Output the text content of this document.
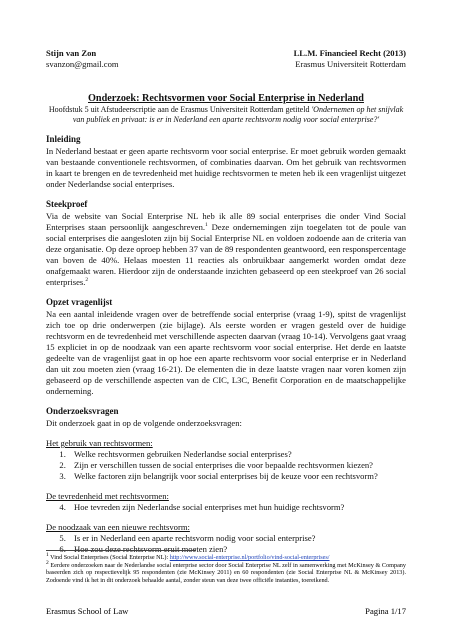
Stijn van Zon
svanzon@gmail.com
LL.M. Financieel Recht (2013)
Erasmus Universiteit Rotterdam
Onderzoek: Rechtsvormen voor Social Enterprise in Nederland
Hoofdstuk 5 uit Afstudeerscriptie aan de Erasmus Universiteit Rotterdam getiteld 'Ondernemen op het snijvlak van publiek en privaat: is er in Nederland een aparte rechtsvorm nodig voor social enterprise?'
Inleiding

In Nederland bestaat er geen aparte rechtsvorm voor social enterprise. Er moet gebruik worden gemaakt van bestaande conventionele rechtsvormen, of combinaties daarvan. Om het gebruik van rechtsvormen in kaart te brengen en de tevredenheid met huidige rechtsvormen te meten heb ik een vragenlijst uitgezet onder Nederlandse social enterprises.

Steekproef

Via de website van Social Enterprise NL heb ik alle 89 social enterprises die onder Vind Social Enterprises staan persoonlijk aangeschreven.$^1$ Deze ondernemingen zijn toegelaten tot de poule van social enterprises die aangesloten zijn bij Social Enterprise NL en voldoen zodoende aan de criteria van deze organisatie. Op deze oproep hebben 37 van de 89 respondenten geantwoord, een responspercentage van boven de 40%. Helaas moesten 11 reacties als onbruikbaar aangemerkt worden omdat deze onafgemaakt waren. Hierdoor zijn de onderstaande inzichten gebaseerd op een steekproef van 26 social enterprises.$^2$

Opzet vragenlijst

Na een aantal inleidende vragen over de betreffende social enterprise (vraag 1-9), spitst de vragenlijst zich toe op drie onderwerpen (zie bijlage). Als eerste worden er vragen gesteld over de huidige rechtsvorm en de tevredenheid met verschillende aspecten daarvan (vraag 10-14). Vervolgens gaat vraag 15 expliciet in op de noodzaak van een aparte rechtsvorm voor social enterprise. Het derde en laatste gedeelte van de vragenlijst gaat in op hoe een aparte rechtsvorm voor social enterprise er in Nederland dan uit zou moeten zien (vraag 16-21). De elementen die in deze laatste vragen naar voren komen zijn gebaseerd op de verschillende aspecten van de CIC, L3C, Benefit Corporation en de maatschappelijke onderneming.

Onderzoeksvragen

Dit onderzoek gaat in op de volgende onderzoeksvragen:

Het gebruik van rechtsvormen:
1. Welke rechtsvormen gebruiken Nederlandse social enterprises?
2. Zijn er verschillen tussen de social enterprises die voor bepaalde rechtsvormen kiezen?
3. Welke factoren zijn belangrijk voor social enterprises bij de keuze voor een rechtsvorm?
De tevredenheid met rechtsvormen:
4. Hoe tevreden zijn Nederlandse social enterprises met hun huidige rechtsvorm?
De noodzaak van een nieuwe rechtsvorm:
5. Is er in Nederland een aparte rechtsvorm nodig voor social enterprise?
6. Hoe zou deze rechtsvorm eruit moeten zien?
$^1$ Vind Social Enterprises (Social Enterprise NL): http://www.social-enterprise.nl/portfolio/vind-social-enterprises/
$^2$ Eerdere onderzoeken naar de Nederlandse social enterprise sector door Social Enterprise NL zelf in samenwerking met McKinsey & Company baseerden zich op respectievelijk 95 respondenten (zie McKinsey 2011) en 60 respondenten (zie Social Enterprise NL & McKinsey 2013). Zodoende vind ik het in dit onderzoek behaalde aantal, zonder steun van deze twee officiële instanties, toereikend.
Erasmus School of Law	Pagina 1/17
